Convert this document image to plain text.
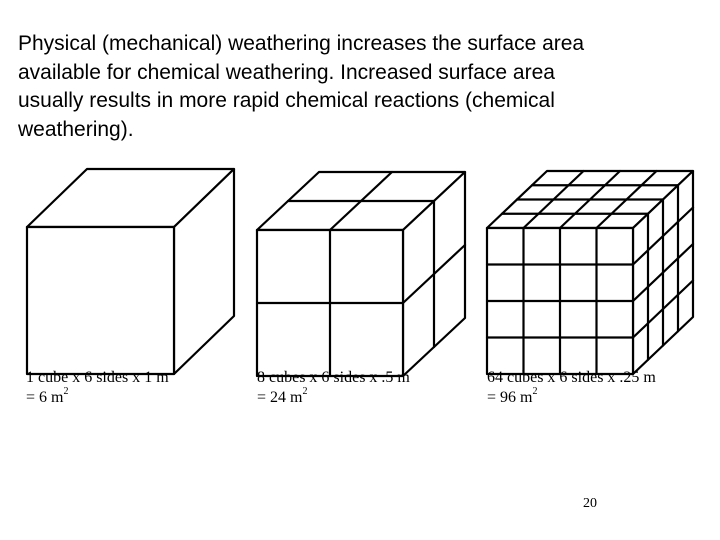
Physical (mechanical) weathering increases the surface area
available for chemical weathering. Increased surface area
usually results in more rapid chemical reactions (chemical
weathering).
1 cube x 6 sides x 1 m
= 6 $m^2$
8 cubes x 6 sides x .5 m
= 24 $m^2$
64 cubes x 6 sides x .25 m
= 96 $m^2$
20
